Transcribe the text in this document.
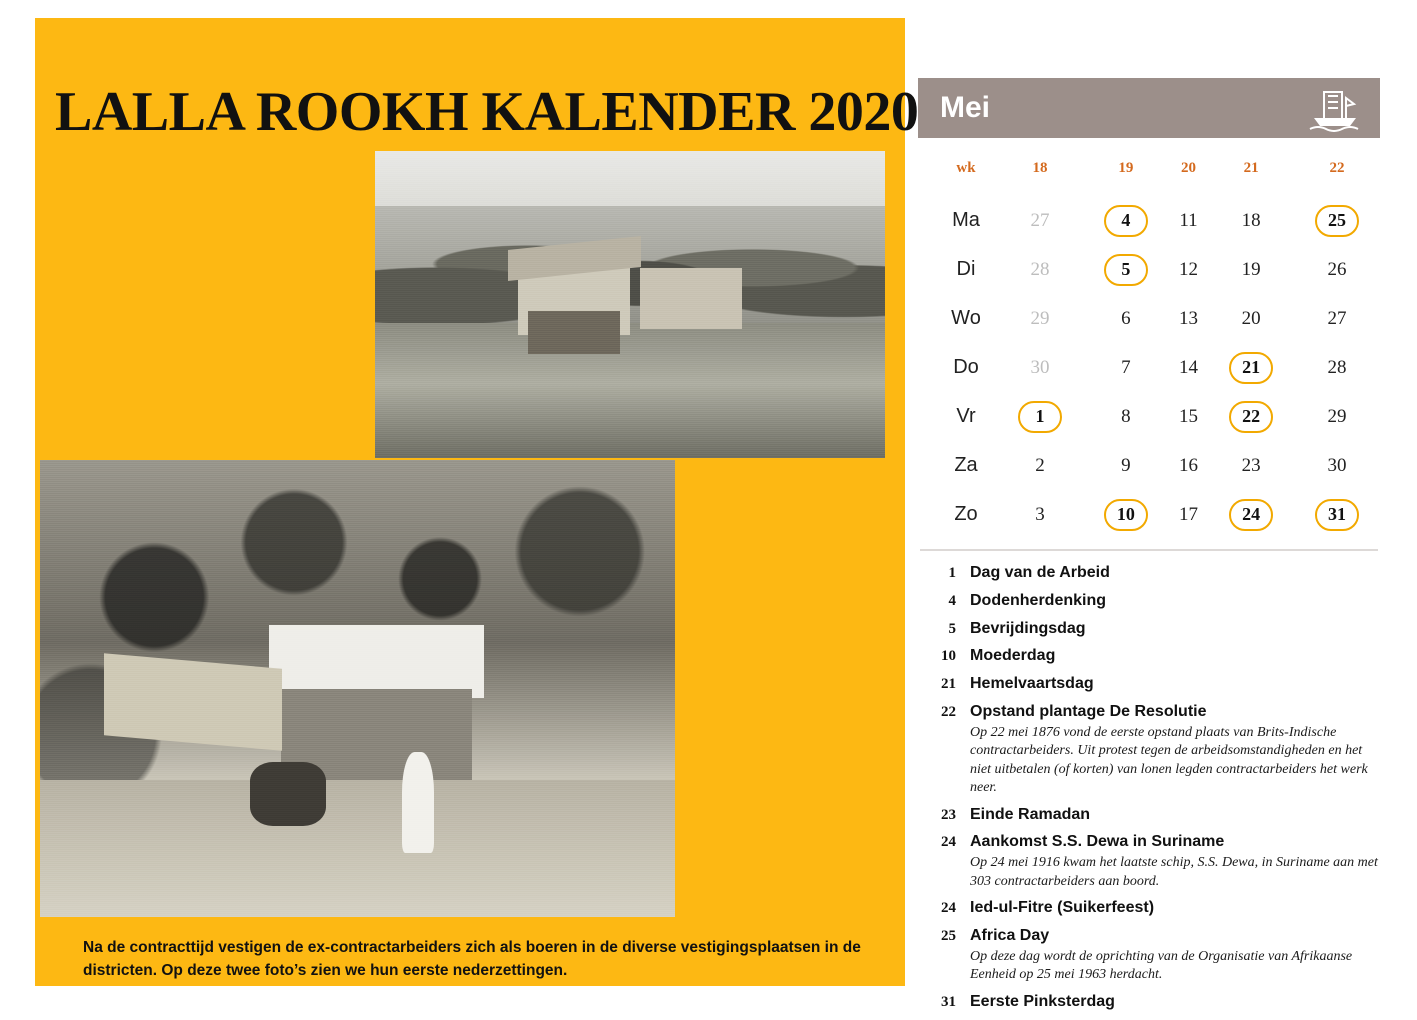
LALLA ROOKH KALENDER 2020
Na de contracttijd vestigen de ex-contractarbeiders zich als boeren in de diverse vestigingsplaatsen in de districten. Op deze twee foto’s zien we hun eerste nederzettingen.
Mei
wk	18	19	20	21	22
Ma	27	4	11	18	25
Di	28	5	12	19	26
Wo	29	6	13	20	27
Do	30	7	14	21	28
Vr	1	8	15	22	29
Za	2	9	16	23	30
Zo	3	10	17	24	31
1 Dag van de Arbeid
4 Dodenherdenking
5 Bevrijdingsdag
10 Moederdag
21 Hemelvaartsdag
22 Opstand plantage De Resolutie
Op 22 mei 1876 vond de eerste opstand plaats van Brits-Indische contractarbeiders. Uit protest tegen de arbeidsomstandigheden en het niet uitbetalen (of korten) van lonen legden contractarbeiders het werk neer.
23 Einde Ramadan
24 Aankomst S.S. Dewa in Suriname
Op 24 mei 1916 kwam het laatste schip, S.S. Dewa, in Suriname aan met 303 contractarbeiders aan boord.
24 Ied-ul-Fitre (Suikerfeest)
25 Africa Day
Op deze dag wordt de oprichting van de Organisatie van Afrikaanse Eenheid op 25 mei 1963 herdacht.
31 Eerste Pinksterdag
